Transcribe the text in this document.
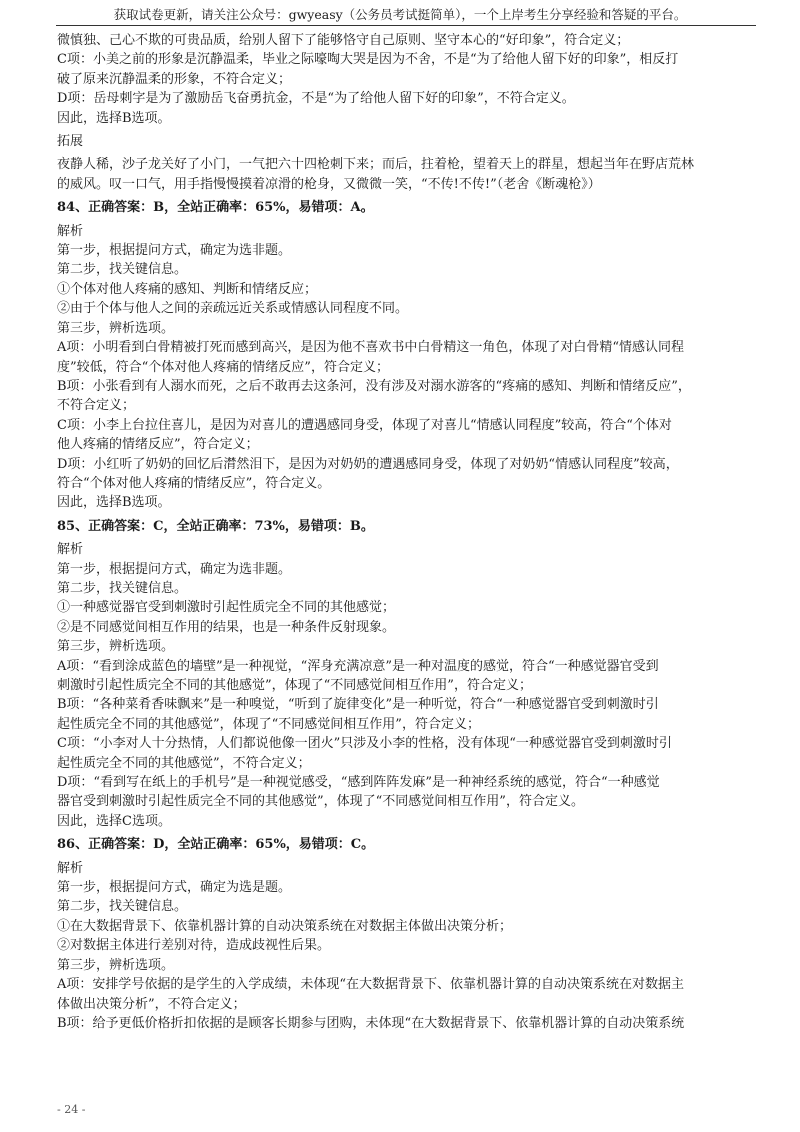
获取试卷更新，请关注公众号：gwyeasy（公务员考试挺简单），一个上岸考生分享经验和答疑的平台。

微慎独、己心不欺的可贵品质，给别人留下了能够恪守自己原则、坚守本心的“好印象”，符合定义；

C项：小美之前的形象是沉静温柔，毕业之际嚎啕大哭是因为不舍，不是“为了给他人留下好的印象”，相反打

破了原来沉静温柔的形象，不符合定义；

D项：岳母刺字是为了激励岳飞奋勇抗金，不是“为了给他人留下好的印象”，不符合定义。

因此，选择B选项。

拓展

夜静人稀，沙子龙关好了小门，一气把六十四枪刺下来；而后，拄着枪，望着天上的群星，想起当年在野店荒林

的威风。叹一口气，用手指慢慢摸着凉滑的枪身，又微微一笑，“不传!不传!”（老舍《断魂枪》）

84、正确答案：B，全站正确率：65%，易错项：A。

解析

第一步，根据提问方式，确定为选非题。

第二步，找关键信息。

①个体对他人疼痛的感知、判断和情绪反应；

②由于个体与他人之间的亲疏远近关系或情感认同程度不同。

第三步，辨析选项。

A项：小明看到白骨精被打死而感到高兴，是因为他不喜欢书中白骨精这一角色，体现了对白骨精“情感认同程

度”较低，符合“个体对他人疼痛的情绪反应”，符合定义；

B项：小张看到有人溺水而死，之后不敢再去这条河，没有涉及对溺水游客的“疼痛的感知、判断和情绪反应”，

不符合定义；

C项：小李上台拉住喜儿，是因为对喜儿的遭遇感同身受，体现了对喜儿“情感认同程度”较高，符合“个体对

他人疼痛的情绪反应”，符合定义；

D项：小红听了奶奶的回忆后潸然泪下，是因为对奶奶的遭遇感同身受，体现了对奶奶“情感认同程度”较高，

符合“个体对他人疼痛的情绪反应”，符合定义。

因此，选择B选项。

85、正确答案：C，全站正确率：73%，易错项：B。

解析

第一步，根据提问方式，确定为选非题。

第二步，找关键信息。

①一种感觉器官受到刺激时引起性质完全不同的其他感觉；

②是不同感觉间相互作用的结果，也是一种条件反射现象。

第三步，辨析选项。

A项：“看到涂成蓝色的墙壁”是一种视觉，“浑身充满凉意”是一种对温度的感觉，符合“一种感觉器官受到

刺激时引起性质完全不同的其他感觉”，体现了“不同感觉间相互作用”，符合定义；

B项：“各种菜肴香味飘来”是一种嗅觉，“听到了旋律变化”是一种听觉，符合“一种感觉器官受到刺激时引

起性质完全不同的其他感觉”，体现了“不同感觉间相互作用”，符合定义；

C项：“小李对人十分热情，人们都说他像一团火”只涉及小李的性格，没有体现“一种感觉器官受到刺激时引

起性质完全不同的其他感觉”，不符合定义；

D项：“看到写在纸上的手机号”是一种视觉感受，“感到阵阵发麻”是一种神经系统的感觉，符合“一种感觉

器官受到刺激时引起性质完全不同的其他感觉”，体现了“不同感觉间相互作用”，符合定义。

因此，选择C选项。

86、正确答案：D，全站正确率：65%，易错项：C。

解析

第一步，根据提问方式，确定为选是题。

第二步，找关键信息。

①在大数据背景下、依靠机器计算的自动决策系统在对数据主体做出决策分析；

②对数据主体进行差别对待，造成歧视性后果。

第三步，辨析选项。

A项：安排学号依据的是学生的入学成绩，未体现“在大数据背景下、依靠机器计算的自动决策系统在对数据主

体做出决策分析”，不符合定义；

B项：给予更低价格折扣依据的是顾客长期参与团购，未体现“在大数据背景下、依靠机器计算的自动决策系统

- 24 -
